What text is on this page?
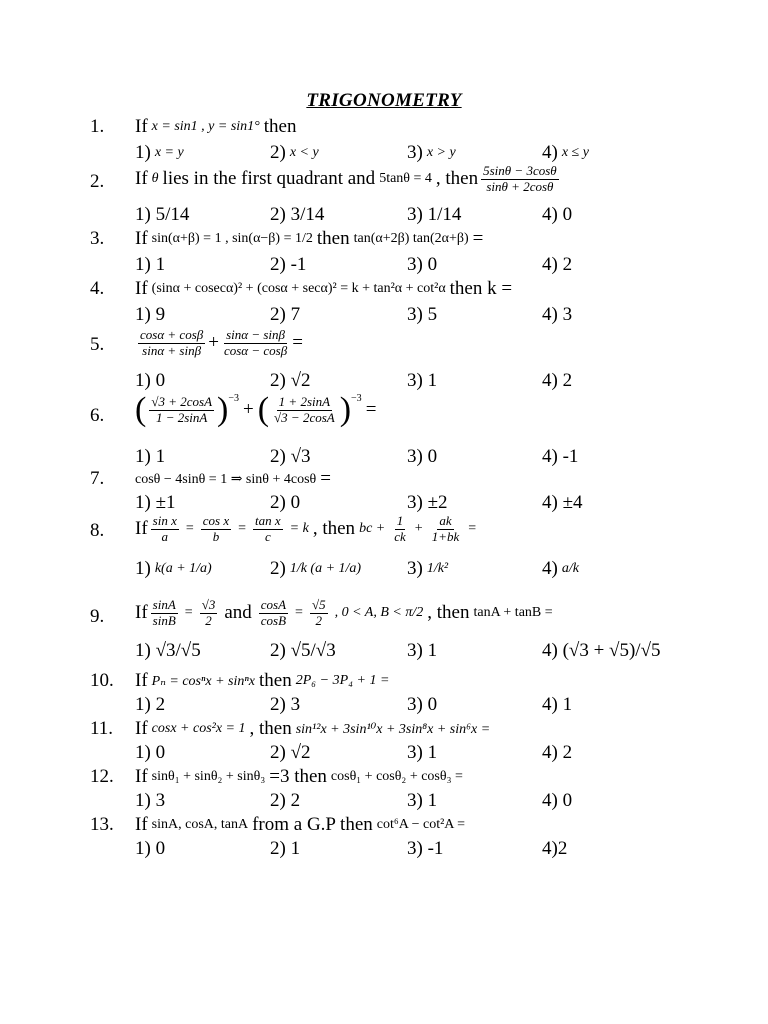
TRIGONOMETRY
1. If x = sin1 , y = sin1° then
1) x = y	2) x < y	3) x > y	4) x ≤ y
2. If θ lies in the first quadrant and 5tanθ = 4 , then $\frac{5\sin\theta - 3\cos\theta}{\sin\theta + 2\cos\theta}$
1) 5/14	2) 3/14	3) 1/14	4) 0
3. If sin(α+β) = 1 , sin(α−β) = 1/2 then tan(α+2β) tan(2α+β) =
1) 1	2) -1	3) 0	4) 2
4. If (sinα + cosecα)² + (cosα + secα)² = k + tan²α + cot²α then k =
1) 9	2) 7	3) 5	4) 3
5.	$\frac{\cos\alpha + \cos\beta}{\sin\alpha + \sin\beta} + \frac{\sin\alpha - \sin\beta}{\cos\alpha - \cos\beta}$ =
1) 0	2) √2	3) 1	4) 2
6. ( $\frac{√3 + 2\cos A}{1 - 2\sin A} )^{-3}$
+ ( $\frac{1 + 2\sin A}{√3 - 2\cos A} )^{-3}$
=
1) 1	2) √3	3) 0	4) -1
7. cosθ − 4sinθ = 1 ⇒ sinθ + 4cosθ =
1) ±1	2) 0	3) ±2	4) ±4
8. If $\frac{\text{sin x}}{a} = \frac{\text{cos x}}{b} = \frac{\text{tan x}}{c} = k$ , then bc + $\frac{1}{ck} + \frac{ak}{1+bk}$ =
1) k(a + 1/a)	2) 1/k (a + 1/a) 3) 1/k²	4) a/k
9. If $\frac{\sin A}{\sin B} = \frac{√3}{2}$ and $\frac{\cos A}{\cos B} = \frac{√5}{2}$ , 0 < A, B < π/2 , then tanA + tanB =
1) √3/√5	2) √5/√3	3) 1	4) (√3 + √5)/√5
10. If Pₙ = cosⁿx + sinⁿx then 2P₆ − 3P₄ + 1 =
1) 2	2) 3	3) 0	4) 1
11. If cosx + cos²x = 1 , then sin¹²x + 3sin¹⁰x + 3sin⁸x + sin⁶x =
1) 0	2) √2	3) 1	4) 2
12. If sinθ₁ + sinθ₂ + sinθ₃ =3 then cosθ₁ + cosθ₂ + cosθ₃ =
1) 3	2) 2	3) 1	4) 0
13. If sinA, cosA, tanA from a G.P then cot⁶A − cot²A =
1) 0	2) 1	3) -1	4)2
